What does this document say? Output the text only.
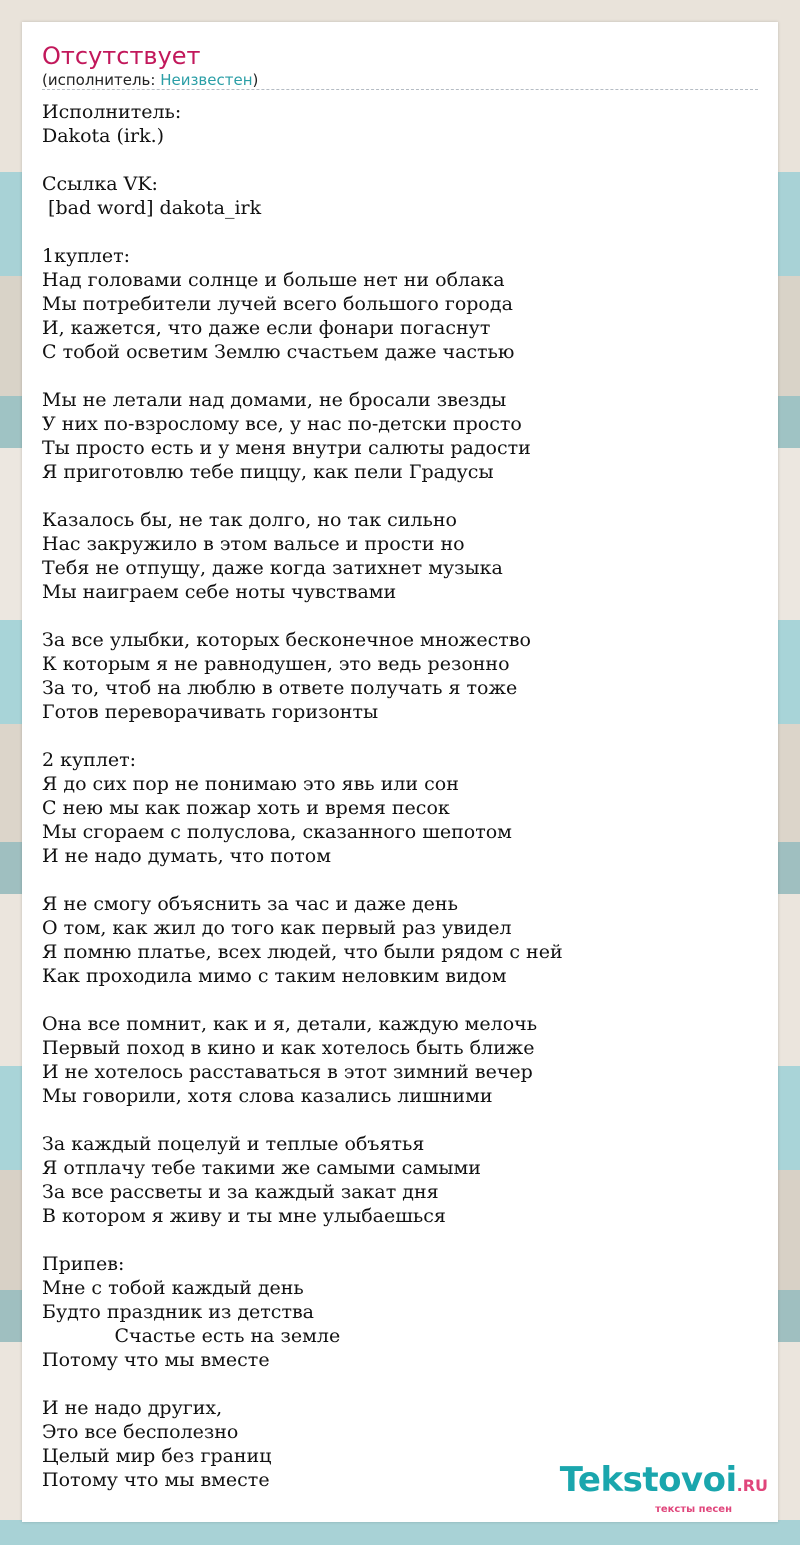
Отсутствует
(исполнитель: Неизвестен)
Исполнитель:
Dakota (irk.)

Ссылка VK:
[bad word] dakota_irk

1куплет:
Над головами солнце и больше нет ни облака
Мы потребители лучей всего большого города
И, кажется, что даже если фонари погаснут
С тобой осветим Землю счастьем даже частью

Мы не летали над домами, не бросали звезды
У них по-взрослому все, у нас по-детски просто
Ты просто есть и у меня внутри салюты радости
Я приготовлю тебе пиццу, как пели Градусы

Казалось бы, не так долго, но так сильно
Нас закружило в этом вальсе и прости но
Тебя не отпущу, даже когда затихнет музыка
Мы наиграем себе ноты чувствами

За все улыбки, которых бесконечное множество
К которым я не равнодушен, это ведь резонно
За то, чтоб на люблю в ответе получать я тоже
Готов переворачивать горизонты

2 куплет:
Я до сих пор не понимаю это явь или сон
С нею мы как пожар хоть и время песок
Мы сгораем с полуслова, сказанного шепотом
И не надо думать, что потом

Я не смогу объяснить за час и даже день
О том, как жил до того как первый раз увидел
Я помню платье, всех людей, что были рядом с ней
Как проходила мимо с таким неловким видом

Она все помнит, как и я, детали, каждую мелочь
Первый поход в кино и как хотелось быть ближе
И не хотелось расставаться в этот зимний вечер
Мы говорили, хотя слова казались лишними

За каждый поцелуй и теплые объятья
Я отплачу тебе такими же самыми самыми
За все рассветы и за каждый закат дня
В котором я живу и ты мне улыбаешься

Припев:
Мне с тобой каждый день
Будто праздник из детства
Счастье есть на земле
Потому что мы вместе

И не надо других,
Это все бесполезно
Целый мир без границ
Потому что мы вместе	Tekstovoi.RU
тексты песен
